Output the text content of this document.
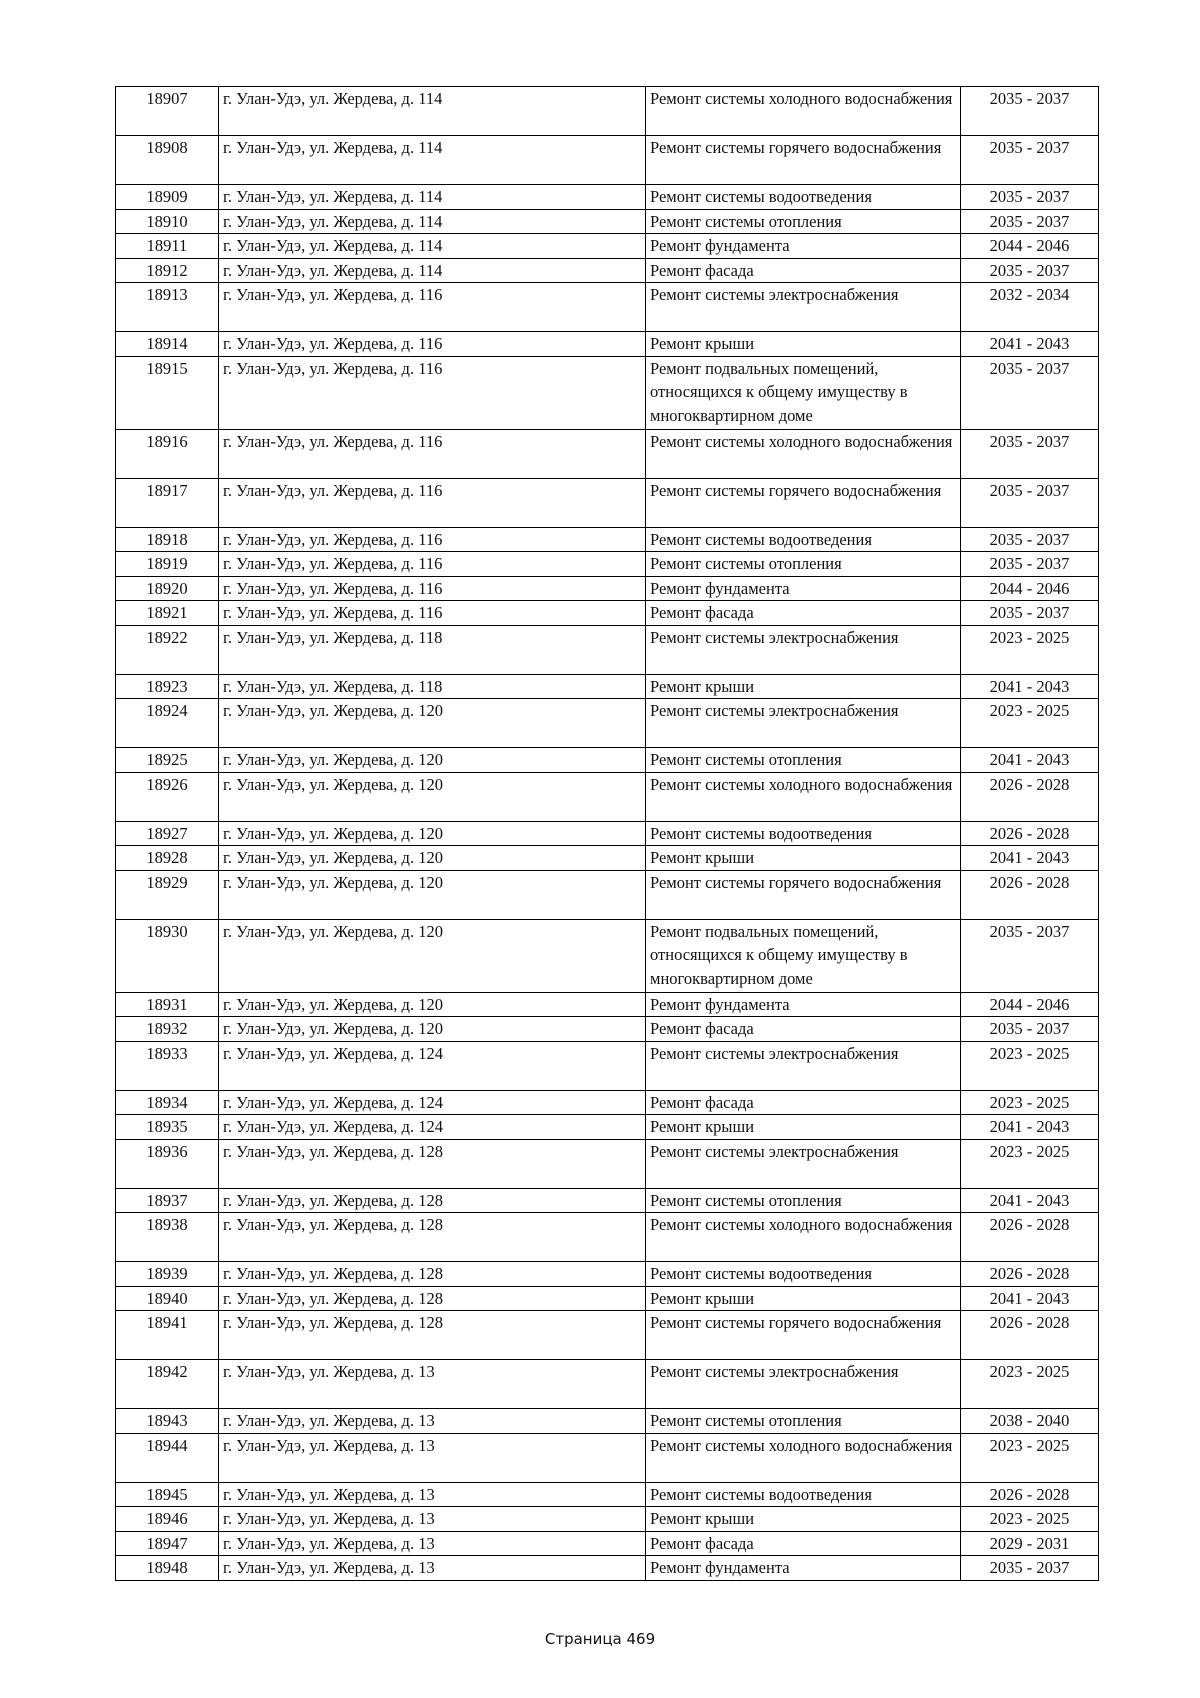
18907	г. Улан-Удэ, ул. Жердева, д. 114	Ремонт системы холодного водоснабжения	2035 - 2037
18908	г. Улан-Удэ, ул. Жердева, д. 114	Ремонт системы горячего водоснабжения	2035 - 2037
18909	г. Улан-Удэ, ул. Жердева, д. 114	Ремонт системы водоотведения	2035 - 2037
18910	г. Улан-Удэ, ул. Жердева, д. 114	Ремонт системы отопления	2035 - 2037
18911	г. Улан-Удэ, ул. Жердева, д. 114	Ремонт фундамента	2044 - 2046
18912	г. Улан-Удэ, ул. Жердева, д. 114	Ремонт фасада	2035 - 2037
18913	г. Улан-Удэ, ул. Жердева, д. 116	Ремонт системы электроснабжения	2032 - 2034
18914	г. Улан-Удэ, ул. Жердева, д. 116	Ремонт крыши	2041 - 2043
18915	г. Улан-Удэ, ул. Жердева, д. 116	Ремонт подвальных помещений, относящихся к общему имуществу в многоквартирном доме	2035 - 2037
18916	г. Улан-Удэ, ул. Жердева, д. 116	Ремонт системы холодного водоснабжения	2035 - 2037
18917	г. Улан-Удэ, ул. Жердева, д. 116	Ремонт системы горячего водоснабжения	2035 - 2037
18918	г. Улан-Удэ, ул. Жердева, д. 116	Ремонт системы водоотведения	2035 - 2037
18919	г. Улан-Удэ, ул. Жердева, д. 116	Ремонт системы отопления	2035 - 2037
18920	г. Улан-Удэ, ул. Жердева, д. 116	Ремонт фундамента	2044 - 2046
18921	г. Улан-Удэ, ул. Жердева, д. 116	Ремонт фасада	2035 - 2037
18922	г. Улан-Удэ, ул. Жердева, д. 118	Ремонт системы электроснабжения	2023 - 2025
18923	г. Улан-Удэ, ул. Жердева, д. 118	Ремонт крыши	2041 - 2043
18924	г. Улан-Удэ, ул. Жердева, д. 120	Ремонт системы электроснабжения	2023 - 2025
18925	г. Улан-Удэ, ул. Жердева, д. 120	Ремонт системы отопления	2041 - 2043
18926	г. Улан-Удэ, ул. Жердева, д. 120	Ремонт системы холодного водоснабжения	2026 - 2028
18927	г. Улан-Удэ, ул. Жердева, д. 120	Ремонт системы водоотведения	2026 - 2028
18928	г. Улан-Удэ, ул. Жердева, д. 120	Ремонт крыши	2041 - 2043
18929	г. Улан-Удэ, ул. Жердева, д. 120	Ремонт системы горячего водоснабжения	2026 - 2028
18930	г. Улан-Удэ, ул. Жердева, д. 120	Ремонт подвальных помещений, относящихся к общему имуществу в многоквартирном доме	2035 - 2037
18931	г. Улан-Удэ, ул. Жердева, д. 120	Ремонт фундамента	2044 - 2046
18932	г. Улан-Удэ, ул. Жердева, д. 120	Ремонт фасада	2035 - 2037
18933	г. Улан-Удэ, ул. Жердева, д. 124	Ремонт системы электроснабжения	2023 - 2025
18934	г. Улан-Удэ, ул. Жердева, д. 124	Ремонт фасада	2023 - 2025
18935	г. Улан-Удэ, ул. Жердева, д. 124	Ремонт крыши	2041 - 2043
18936	г. Улан-Удэ, ул. Жердева, д. 128	Ремонт системы электроснабжения	2023 - 2025
18937	г. Улан-Удэ, ул. Жердева, д. 128	Ремонт системы отопления	2041 - 2043
18938	г. Улан-Удэ, ул. Жердева, д. 128	Ремонт системы холодного водоснабжения	2026 - 2028
18939	г. Улан-Удэ, ул. Жердева, д. 128	Ремонт системы водоотведения	2026 - 2028
18940	г. Улан-Удэ, ул. Жердева, д. 128	Ремонт крыши	2041 - 2043
18941	г. Улан-Удэ, ул. Жердева, д. 128	Ремонт системы горячего водоснабжения	2026 - 2028
18942	г. Улан-Удэ, ул. Жердева, д. 13	Ремонт системы электроснабжения	2023 - 2025
18943	г. Улан-Удэ, ул. Жердева, д. 13	Ремонт системы отопления	2038 - 2040
18944	г. Улан-Удэ, ул. Жердева, д. 13	Ремонт системы холодного водоснабжения	2023 - 2025
18945	г. Улан-Удэ, ул. Жердева, д. 13	Ремонт системы водоотведения	2026 - 2028
18946	г. Улан-Удэ, ул. Жердева, д. 13	Ремонт крыши	2023 - 2025
18947	г. Улан-Удэ, ул. Жердева, д. 13	Ремонт фасада	2029 - 2031
18948	г. Улан-Удэ, ул. Жердева, д. 13	Ремонт фундамента	2035 - 2037
Страница 469
